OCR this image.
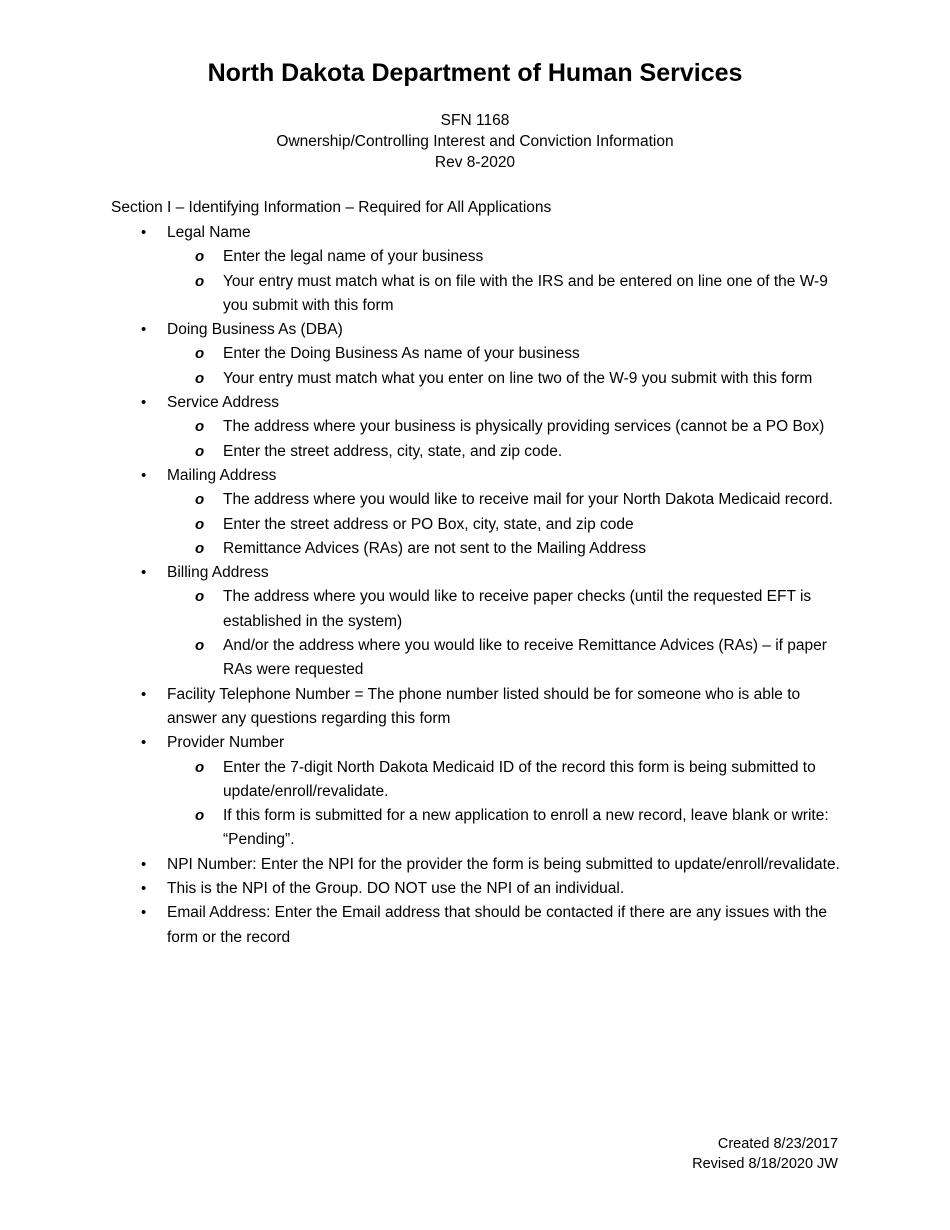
North Dakota Department of Human Services
SFN 1168
Ownership/Controlling Interest and Conviction Information
Rev 8-2020
Section I – Identifying Information – Required for All Applications
•	Legal Name
o	Enter the legal name of your business
o	Your entry must match what is on file with the IRS and be entered on line one of the W-9 you submit with this form
•	Doing Business As (DBA)
o	Enter the Doing Business As name of your business
o	Your entry must match what you enter on line two of the W-9 you submit with this form
•	Service Address
o	The address where your business is physically providing services (cannot be a PO Box)
o	Enter the street address, city, state, and zip code.
•	Mailing Address
o	The address where you would like to receive mail for your North Dakota Medicaid record.
o	Enter the street address or PO Box, city, state, and zip code
o	Remittance Advices (RAs) are not sent to the Mailing Address
•	Billing Address
o	The address where you would like to receive paper checks (until the requested EFT is established in the system)
o	And/or the address where you would like to receive Remittance Advices (RAs) – if paper RAs were requested
•	Facility Telephone Number = The phone number listed should be for someone who is able to answer any questions regarding this form
•	Provider Number
o	Enter the 7-digit North Dakota Medicaid ID of the record this form is being submitted to update/enroll/revalidate.
o	If this form is submitted for a new application to enroll a new record, leave blank or write: “Pending”.
•	NPI Number: Enter the NPI for the provider the form is being submitted to update/enroll/revalidate.
•	This is the NPI of the Group. DO NOT use the NPI of an individual.
•	Email Address: Enter the Email address that should be contacted if there are any issues with the form or the record
Created 8/23/2017
Revised 8/18/2020 JW
